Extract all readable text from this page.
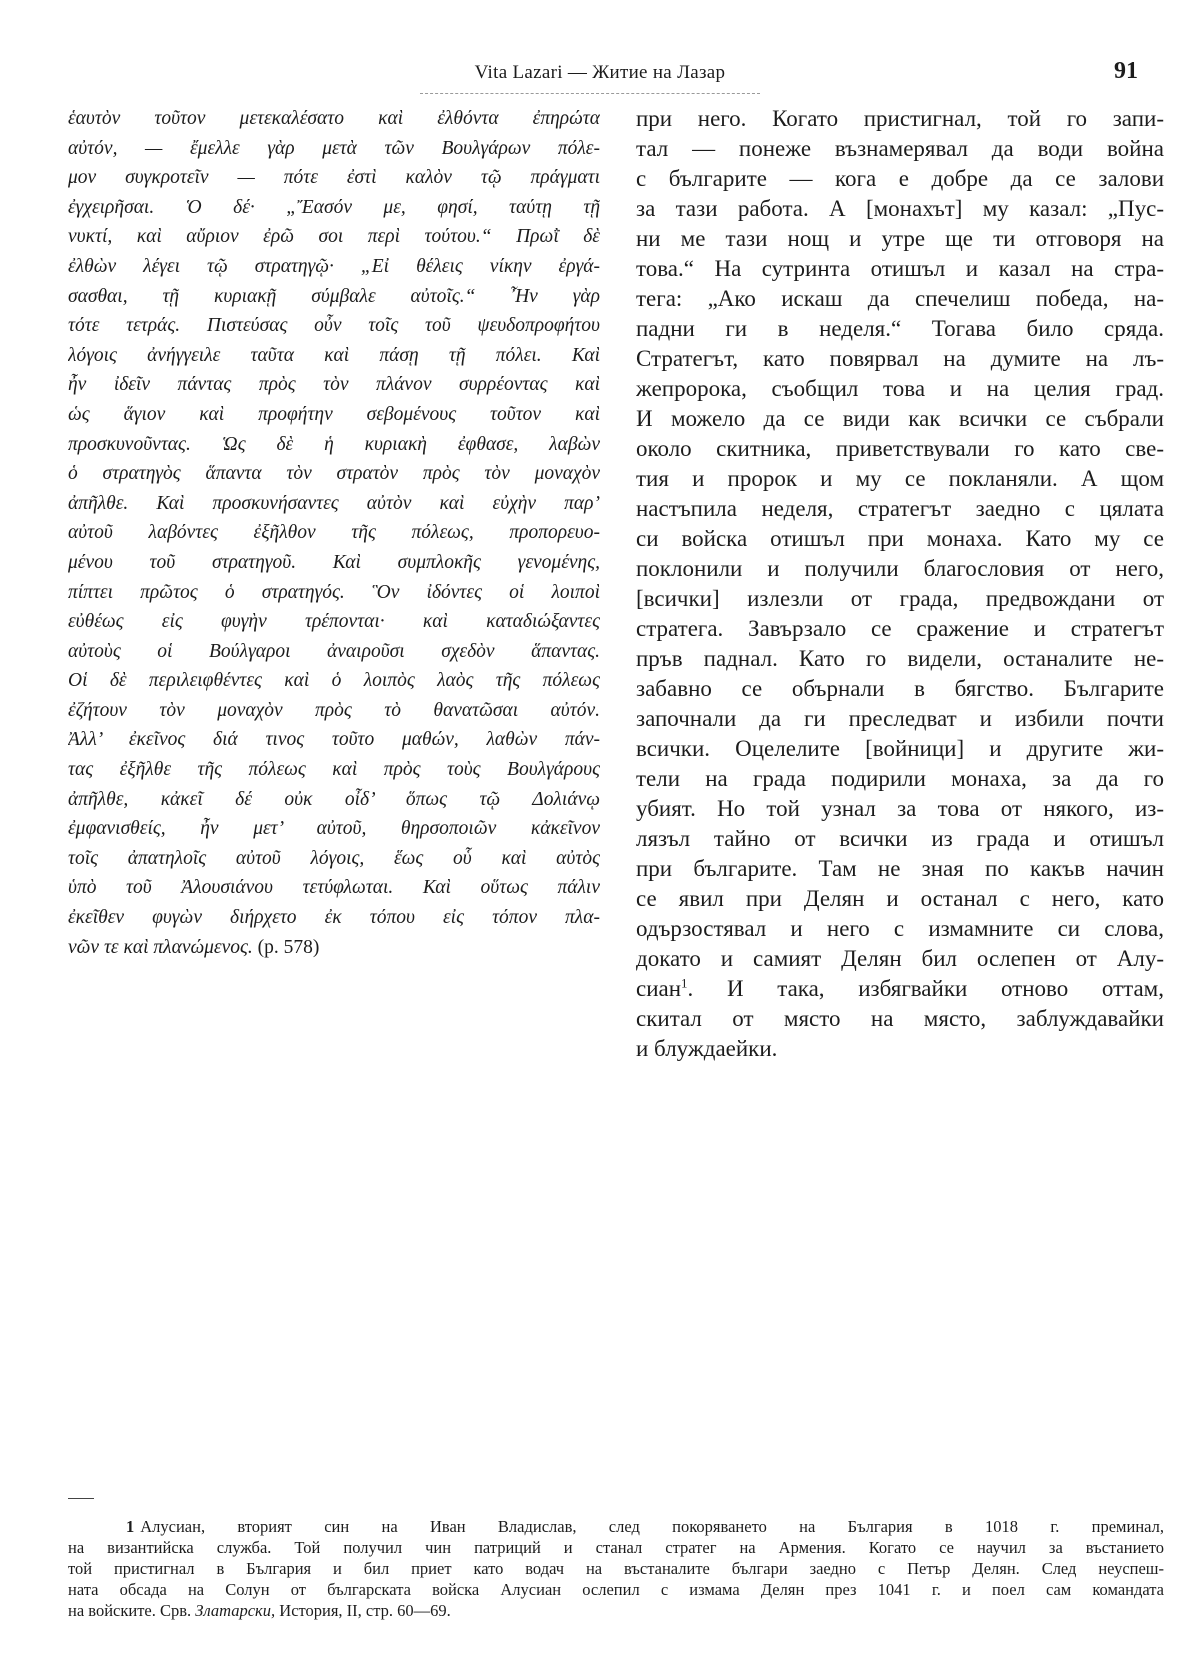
Vita Lazari — Житие на Лазар	91
ἑαυτὸν τοῦτον μετεκαλέσατο καὶ ἐλθόντα ἐπηρώτα
αὐτόν, — ἔμελλε γὰρ μετὰ τῶν Βουλγάρων πόλε-
μον συγκροτεῖν — πότε ἐστὶ καλὸν τῷ πράγματι
ἐγχειρῆσαι. Ὁ δέ· „Ἔασόν με, φησί, ταύτῃ τῇ
νυκτί, καὶ αὔριον ἐρῶ σοι περὶ τούτου.“ Πρωῒ δὲ
ἐλθὼν λέγει τῷ στρατηγῷ· „Εἰ θέλεις νίκην ἐργά-
σασθαι, τῇ κυριακῇ σύμβαλε αὐτοῖς.“ Ἦν γὰρ
τότε τετράς. Πιστεύσας οὖν τοῖς τοῦ ψευδοπροφήτου
λόγοις ἀνήγγειλε ταῦτα καὶ πάσῃ τῇ πόλει. Καὶ
ἦν ἰδεῖν πάντας πρὸς τὸν πλάνον συρρέοντας καὶ
ὡς ἅγιον καὶ προφήτην σεβομένους τοῦτον καὶ
προσκυνοῦντας. Ὡς δὲ ἡ κυριακὴ ἐφθασε, λαβὼν
ὁ στρατηγὸς ἅπαντα τὸν στρατὸν πρὸς τὸν μοναχὸν
ἀπῆλθε. Καὶ προσκυνήσαντες αὐτὸν καὶ εὐχὴν παρ’
αὐτοῦ λαβόντες ἐξῆλθον τῆς πόλεως, προπορευο-
μένου τοῦ στρατηγοῦ. Καὶ συμπλοκῆς γενομένης,
πίπτει πρῶτος ὁ στρατηγός. Ὃν ἰδόντες οἱ λοιποὶ
εὐθέως εἰς φυγὴν τρέπονται· καὶ καταδιώξαντες
αὐτοὺς οἱ Βούλγαροι ἀναιροῦσι σχεδὸν ἅπαντας.
Οἱ δὲ περιλειφθέντες καὶ ὁ λοιπὸς λαὸς τῆς πόλεως
ἐζήτουν τὸν μοναχὸν πρὸς τὸ θανατῶσαι αὐτόν.
Ἀλλ’ ἐκεῖνος διά τινος τοῦτο μαθών, λαθὼν πάν-
τας ἐξῆλθε τῆς πόλεως καὶ πρὸς τοὺς Βουλγάρους
ἀπῆλθε, κἀκεῖ δέ οὐκ οἶδ’ ὅπως τῷ Δολιάνῳ
ἐμφανισθείς, ἦν μετ’ αὐτοῦ, θηρσοποιῶν κἀκεῖνον
τοῖς ἀπατηλοῖς αὐτοῦ λόγοις, ἕως οὗ καὶ αὐτὸς
ὑπὸ τοῦ Ἀλουσιάνου τετύφλωται. Καὶ οὕτως πάλιν
ἐκεῖθεν φυγὼν διήρχετο ἐκ τόπου εἰς τόπον πλα-
νῶν τε καὶ πλανώμενος. (p. 578)
при него. Когато пристигнал, той го запи-
тал — понеже възнамерявал да води война
с българите — кога е добре да се залови
за тази работа. А [монахът] му казал: „Пус-
ни ме тази нощ и утре ще ти отговоря на
това.“ На сутринта отишъл и казал на стра-
тега: „Ако искаш да спечелиш победа, на-
падни ги в неделя.“ Тогава било сряда.
Стратегът, като повярвал на думите на лъ-
жепророка, съобщил това и на целия град.
И можело да се види как всички се събрали
около скитника, приветствували го като све-
тия и пророк и му се покланяли. А щом
настъпила неделя, стратегът заедно с цялата
си войска отишъл при монаха. Като му се
поклонили и получили благословия от него,
[всички] излезли от града, предвождани от
стратега. Завързало се сражение и стратегът
пръв паднал. Като го видели, останалите не-
забавно се обърнали в бягство. Българите
започнали да ги преследват и избили почти
всички. Оцелелите [войници] и другите жи-
тели на града подирили монаха, за да го
убият. Но той узнал за това от някого, из-
лязъл тайно от всички из града и отишъл
при българите. Там не зная по какъв начин
се явил при Делян и останал с него, като
одързостявал и него с измамните си слова,
докато и самият Делян бил ослепен от Алу-
сиан$^1$. И така, избягвайки отново оттам,
скитал от място на място, заблуждавайки
и блуждаейки.
1 Алусиан, вторият син на Иван Владислав, след покоряването на България в 1018 г. преминал,
на византийска служба. Той получил чин патриций и станал стратег на Армения. Когато се научил за въстанието
той пристигнал в България и бил приет като водач на въстаналите българи заедно с Петър Делян. След неуспеш-
ната обсада на Солун от българската войска Алусиан ослепил с измама Делян през 1041 г. и поел сам командата
на войските. Срв. Златарски, История, II, стр. 60—69.
